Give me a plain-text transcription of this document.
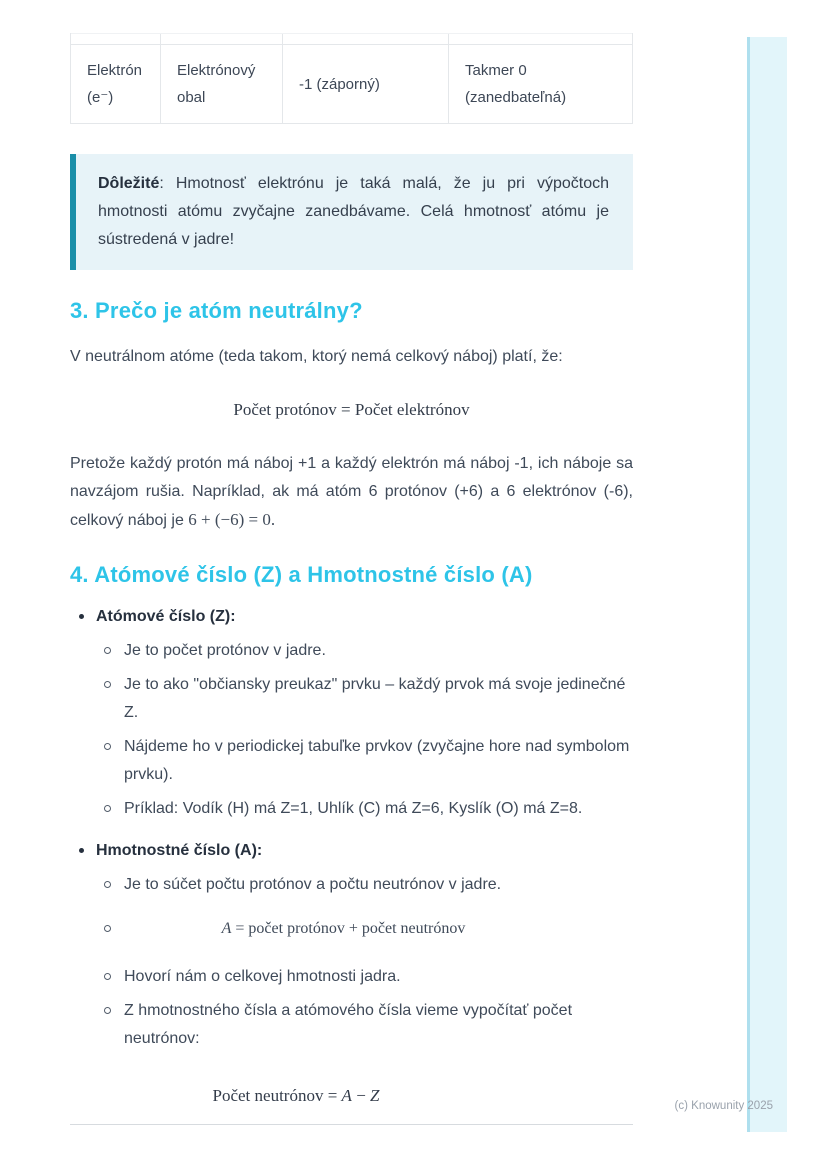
Elektrón (e⁻)
Elektrónový obal
-1 (záporný)
Takmer 0 (zanedbateľná)
Dôležité: Hmotnosť elektrónu je taká malá, že ju pri výpočtoch hmotnosti atómu zvyčajne zanedbávame. Celá hmotnosť atómu je sústredená v jadre!
3. Prečo je atóm neutrálny?

V neutrálnom atóme (teda takom, ktorý nemá celkový náboj) platí, že:

Počet protónov = Počet elektrónov

Pretože každý protón má náboj +1 a každý elektrón má náboj -1, ich náboje sa navzájom rušia. Napríklad, ak má atóm 6 protónov (+6) a 6 elektrónov (-6), celkový náboj je 6 + (−6) = 0.

4. Atómové číslo (Z) a Hmotnostné číslo (A)
Atómové číslo (Z):
Je to počet protónov v jadre.
Je to ako "občiansky preukaz" prvku – každý prvok má svoje jedinečné Z.
Nájdeme ho v periodickej tabuľke prvkov (zvyčajne hore nad symbolom prvku).
Príklad: Vodík (H) má Z=1, Uhlík (C) má Z=6, Kyslík (O) má Z=8.
Hmotnostné číslo (A):
Je to súčet počtu protónov a počtu neutrónov v jadre.
A = počet protónov + počet neutrónov
Hovorí nám o celkovej hmotnosti jadra.
Z hmotnostného čísla a atómového čísla vieme vypočítať počet neutrónov:
Počet neutrónov = A − Z
(c) Knowunity 2025
